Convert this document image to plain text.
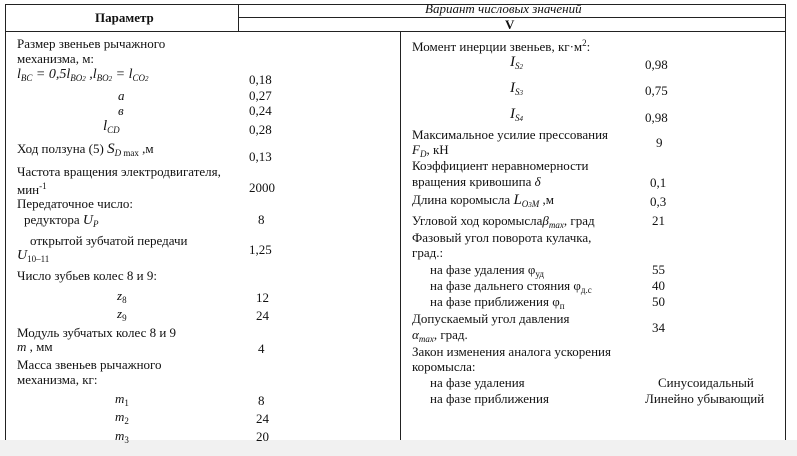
Параметр
Вариант числовых значений
V
Размер звеньев рычажного
механизма, м:
$l_{BC} = 0,5l_{BO2}$ $,l_{BO2} = l_{CO2}$	0,18
а	0,27
в	0,24
$l_{CD}$	0,28
Ход ползуна (5) $S_D$ $_{max}$ ,м
0,13
Частота вращения электродвигателя,
мин$^{-1}$	2000
Передаточное число:
редуктора $U_P$	8
открытой зубчатой передачи
$U_{10-11}$
1,25
Число зубьев колес 8 и 9:
$z_8$	12
$z_9$	24
Модуль зубчатых колес 8 и 9
m , мм	4
Масса звеньев рычажного
механизма, кг:
$m_1$	8
$m_2$	24
$m_3$	20
Момент инерции звеньев, $кг\cdot м^2$:
$I_{S2}$	0,98
$I_{S3}$	0,75
$I_{S4}$	0,98
Максимальное усилие прессования
$F_D$, кН	9
Коэффициент неравномерности
вращения кривошипа δ	0,1
Длина коромысла $L_{O3M}$ ,м	0,3
Угловой ход коромыслаβ$_{max}$, град	21
Фазовый угол поворота кулачка,
град.:
на фазе удаления $\varphi_{уд}$	55
на фазе дальнего стояния $\varphi_{д.с}$	40
на фазе приближения $\varphi_п$	50
Допускаемый угол давления
$\alpha_{max}$, град.	34
Закон изменения аналога ускорения
коромысла:
на фазе удаления	Синусоидальный
на фазе приближения	Линейно убывающий
